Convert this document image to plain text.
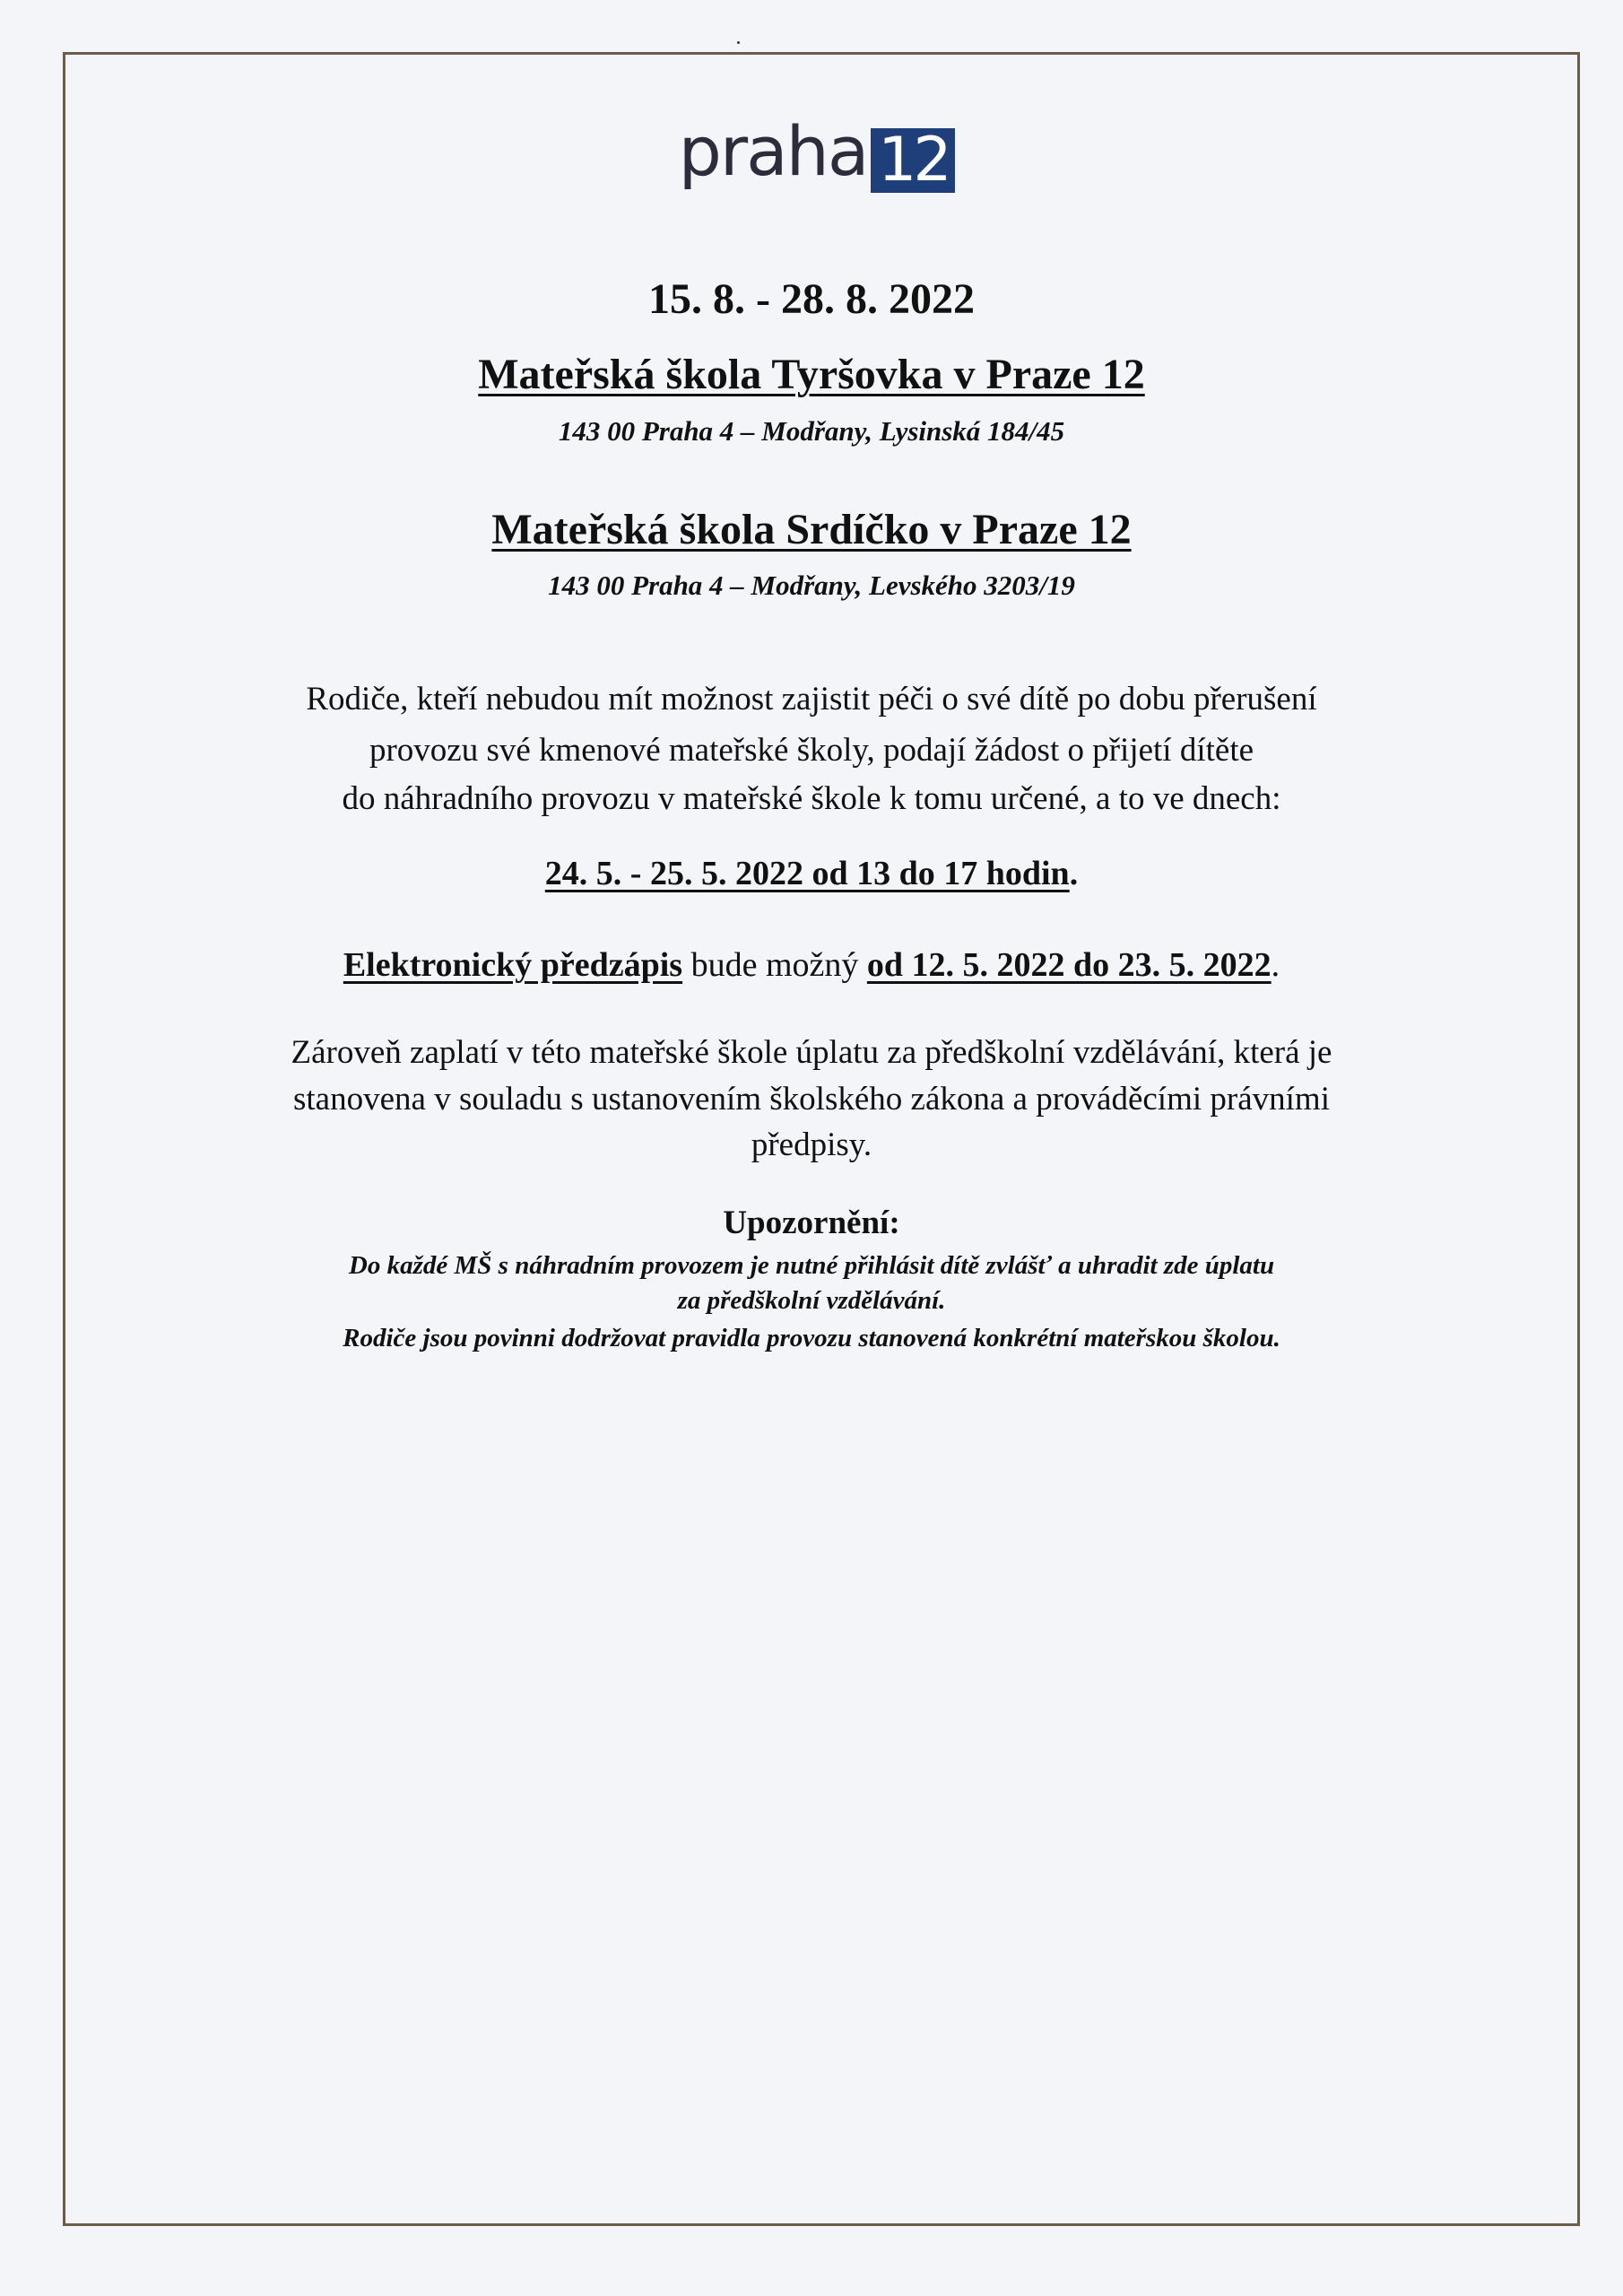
praha 12
15. 8. - 28. 8. 2022
Mateřská škola Tyršovka v Praze 12
143 00 Praha 4 – Modřany, Lysinská 184/45
Mateřská škola Srdíčko v Praze 12
143 00 Praha 4 – Modřany, Levského 3203/19
Rodiče, kteří nebudou mít možnost zajistit péči o své dítě po dobu přerušení
provozu své kmenové mateřské školy, podají žádost o přijetí dítěte
do náhradního provozu v mateřské škole k tomu určené, a to ve dnech:
24. 5. - 25. 5. 2022 od 13 do 17 hodin.
Elektronický předzápis bude možný od 12. 5. 2022 do 23. 5. 2022.
Zároveň zaplatí v této mateřské škole úplatu za předškolní vzdělávání, která je
stanovena v souladu s ustanovením školského zákona a prováděcími právními
předpisy.
Upozornění:
Do každé MŠ s náhradním provozem je nutné přihlásit dítě zvlášť a uhradit zde úplatu
za předškolní vzdělávání.
Rodiče jsou povinni dodržovat pravidla provozu stanovená konkrétní mateřskou školou.
